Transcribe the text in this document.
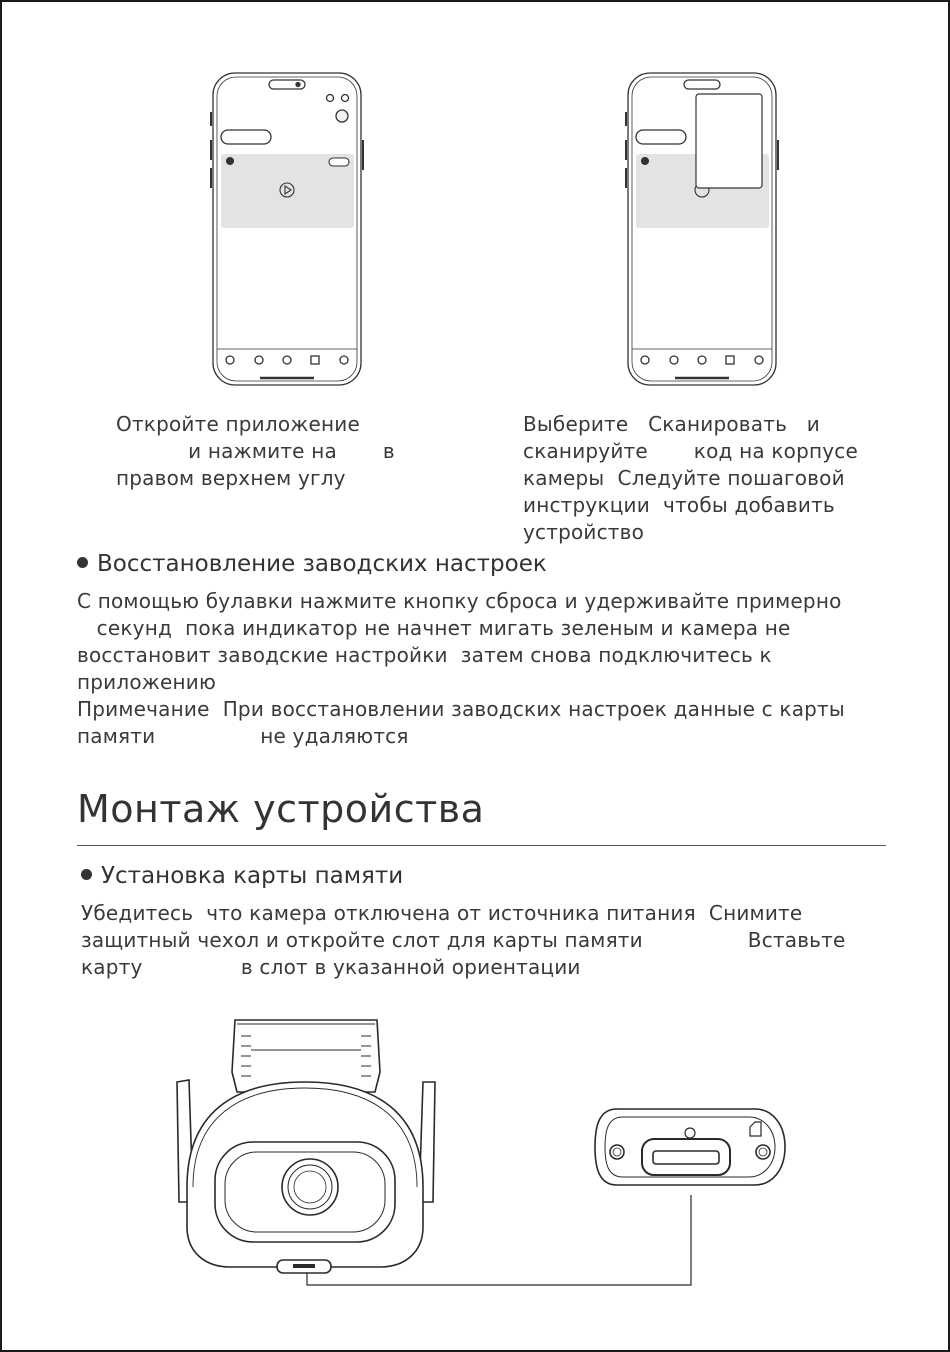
Откройте приложение
и нажмите на       в
правом верхнем углу
Выберите   Сканировать   и
сканируйте       код на корпусе
камеры  Следуйте пошаговой
инструкции  чтобы добавить
устройство
Восстановление заводских настроек
С помощью булавки нажмите кнопку сброса и удерживайте примерно
секунд  пока индикатор не начнет мигать зеленым и камера не
восстановит заводские настройки  затем снова подключитесь к
приложению
Примечание  При восстановлении заводских настроек данные с карты
памяти                не удаляются
Монтаж устройства
Установка карты памяти
Убедитесь  что камера отключена от источника питания  Снимите
защитный чехол и откройте слот для карты памяти                Вставьте
карту               в слот в указанной ориентации
